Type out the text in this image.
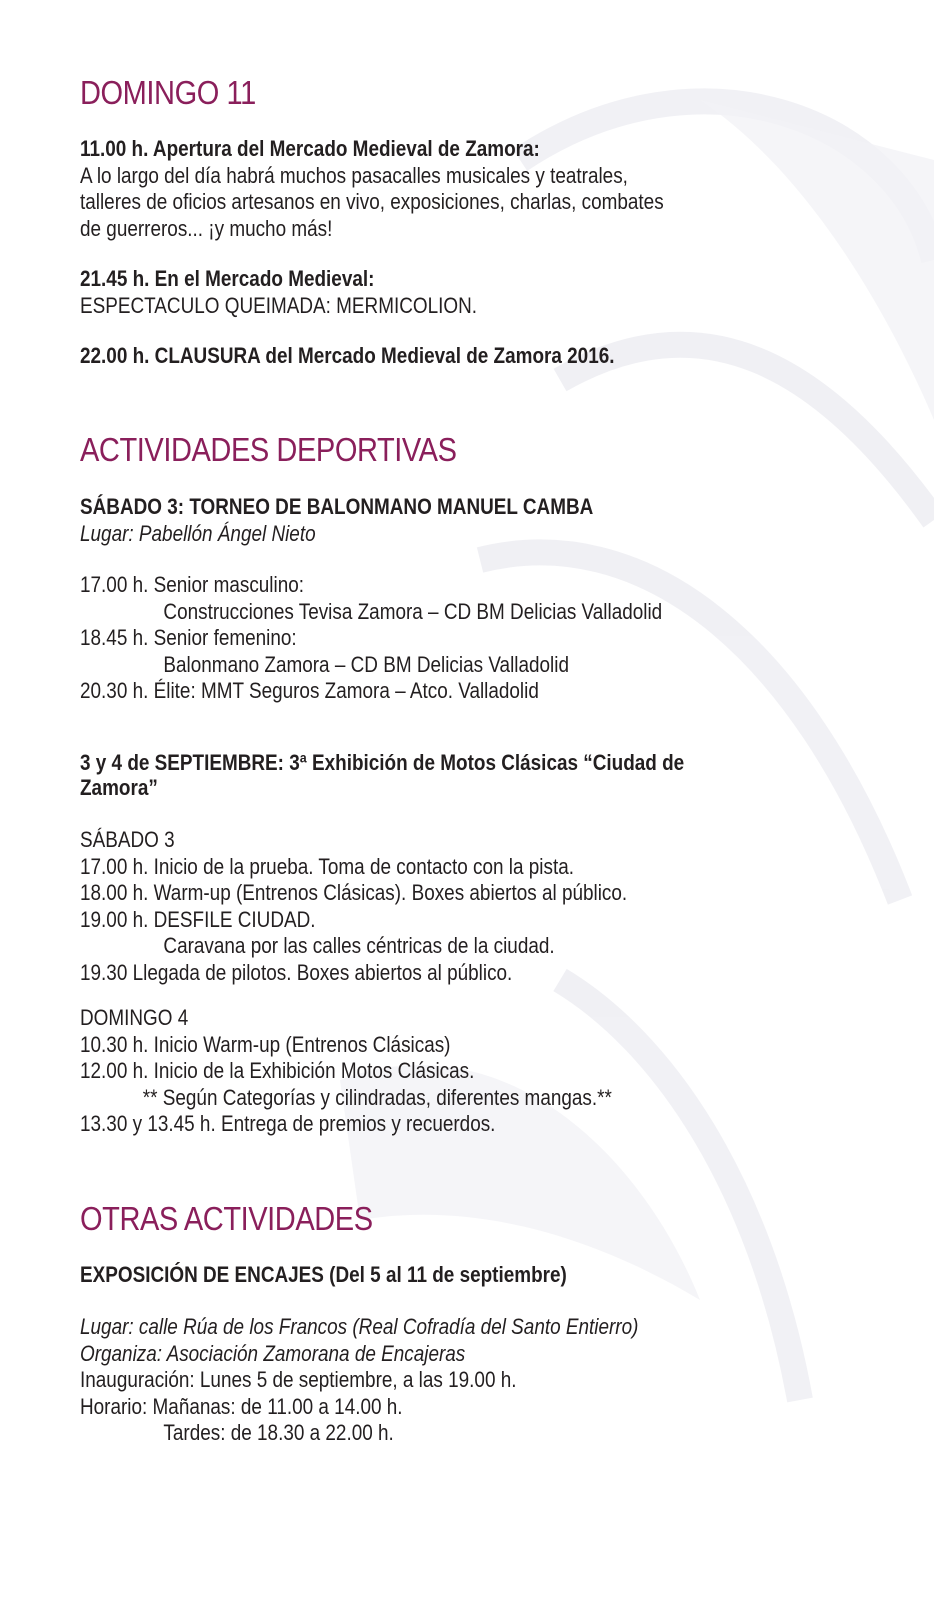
DOMINGO 11
11.00 h. Apertura del Mercado Medieval de Zamora:
A lo largo del día habrá muchos pasacalles musicales y teatrales,
talleres de oficios artesanos en vivo, exposiciones, charlas, combates
de guerreros... ¡y mucho más!
21.45 h. En el Mercado Medieval:
ESPECTACULO QUEIMADA: MERMICOLION.
22.00 h. CLAUSURA del Mercado Medieval de Zamora 2016.
ACTIVIDADES DEPORTIVAS
SÁBADO 3: TORNEO DE BALONMANO MANUEL CAMBA
Lugar: Pabellón Ángel Nieto
17.00 h. Senior masculino:
Construcciones Tevisa Zamora – CD BM Delicias Valladolid
18.45 h. Senior femenino:
Balonmano Zamora – CD BM Delicias Valladolid
20.30 h. Élite: MMT Seguros Zamora – Atco. Valladolid
3 y 4 de SEPTIEMBRE: 3ª Exhibición de Motos Clásicas “Ciudad de
Zamora”
SÁBADO 3
17.00 h. Inicio de la prueba. Toma de contacto con la pista.
18.00 h. Warm-up (Entrenos Clásicas). Boxes abiertos al público.
19.00 h. DESFILE CIUDAD.
Caravana por las calles céntricas de la ciudad.
19.30 Llegada de pilotos. Boxes abiertos al público.
DOMINGO 4
10.30 h. Inicio Warm-up (Entrenos Clásicas)
12.00 h. Inicio de la Exhibición Motos Clásicas.
** Según Categorías y cilindradas, diferentes mangas.**
13.30 y 13.45 h. Entrega de premios y recuerdos.
OTRAS ACTIVIDADES
EXPOSICIÓN DE ENCAJES (Del 5 al 11 de septiembre)
Lugar: calle Rúa de los Francos (Real Cofradía del Santo Entierro)
Organiza: Asociación Zamorana de Encajeras
Inauguración: Lunes 5 de septiembre, a las 19.00 h.
Horario: Mañanas: de 11.00 a 14.00 h.
Tardes: de 18.30 a 22.00 h.
